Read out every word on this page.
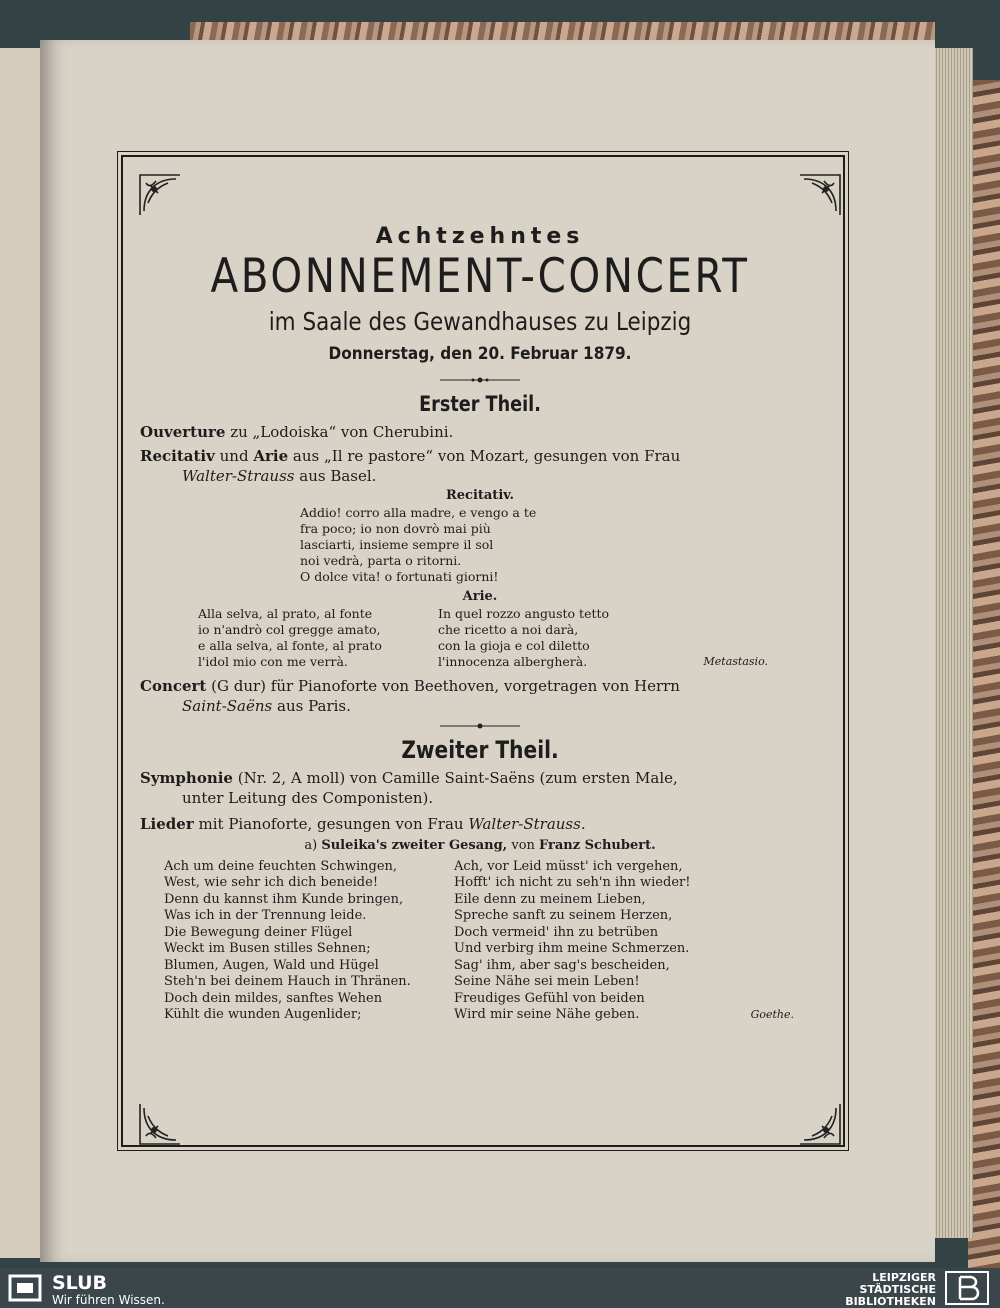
Achtzehntes
ABONNEMENT-CONCERT
im Saale des Gewandhauses zu Leipzig
Donnerstag, den 20. Februar 1879.
Erster Theil.
Ouverture zu „Lodoiska“ von Cherubini.
Recitativ und Arie aus „Il re pastore“ von Mozart, gesungen von Frau
Walter-Strauss aus Basel.
Recitativ.
Addio! corro alla madre, e vengo a te
fra poco; io non dovrò mai più
lasciarti, insieme sempre il sol
noi vedrà, parta o ritorni.
O dolce vita! o fortunati giorni!
Arie.
Alla selva, al prato, al fonte
io n'andrò col gregge amato,
e alla selva, al fonte, al prato
l'idol mio con me verrà.
In quel rozzo angusto tetto
che ricetto a noi darà,
con la gioja e col diletto
l'innocenza albergherà.	Metastasio.
Concert (G dur) für Pianoforte von Beethoven, vorgetragen von Herrn
Saint-Saëns aus Paris.
Zweiter Theil.
Symphonie (Nr. 2, A moll) von Camille Saint-Saëns (zum ersten Male,
unter Leitung des Componisten).
Lieder mit Pianoforte, gesungen von Frau Walter-Strauss.
a) Suleika's zweiter Gesang, von Franz Schubert.
Ach um deine feuchten Schwingen,
West, wie sehr ich dich beneide!
Denn du kannst ihm Kunde bringen,
Was ich in der Trennung leide.
Die Bewegung deiner Flügel
Weckt im Busen stilles Sehnen;
Blumen, Augen, Wald und Hügel
Steh'n bei deinem Hauch in Thränen.
Doch dein mildes, sanftes Wehen
Kühlt die wunden Augenlider;
Ach, vor Leid müsst' ich vergehen,
Hofft' ich nicht zu seh'n ihn wieder!
Eile denn zu meinem Lieben,
Spreche sanft zu seinem Herzen,
Doch vermeid' ihn zu betrüben
Und verbirg ihm meine Schmerzen.
Sag' ihm, aber sag's bescheiden,
Seine Nähe sei mein Leben!
Freudiges Gefühl von beiden
Wird mir seine Nähe geben.	Goethe.
SLUB
Wir führen Wissen.
LEIPZIGER
STÄDTISCHE
BIBLIOTHEKEN
